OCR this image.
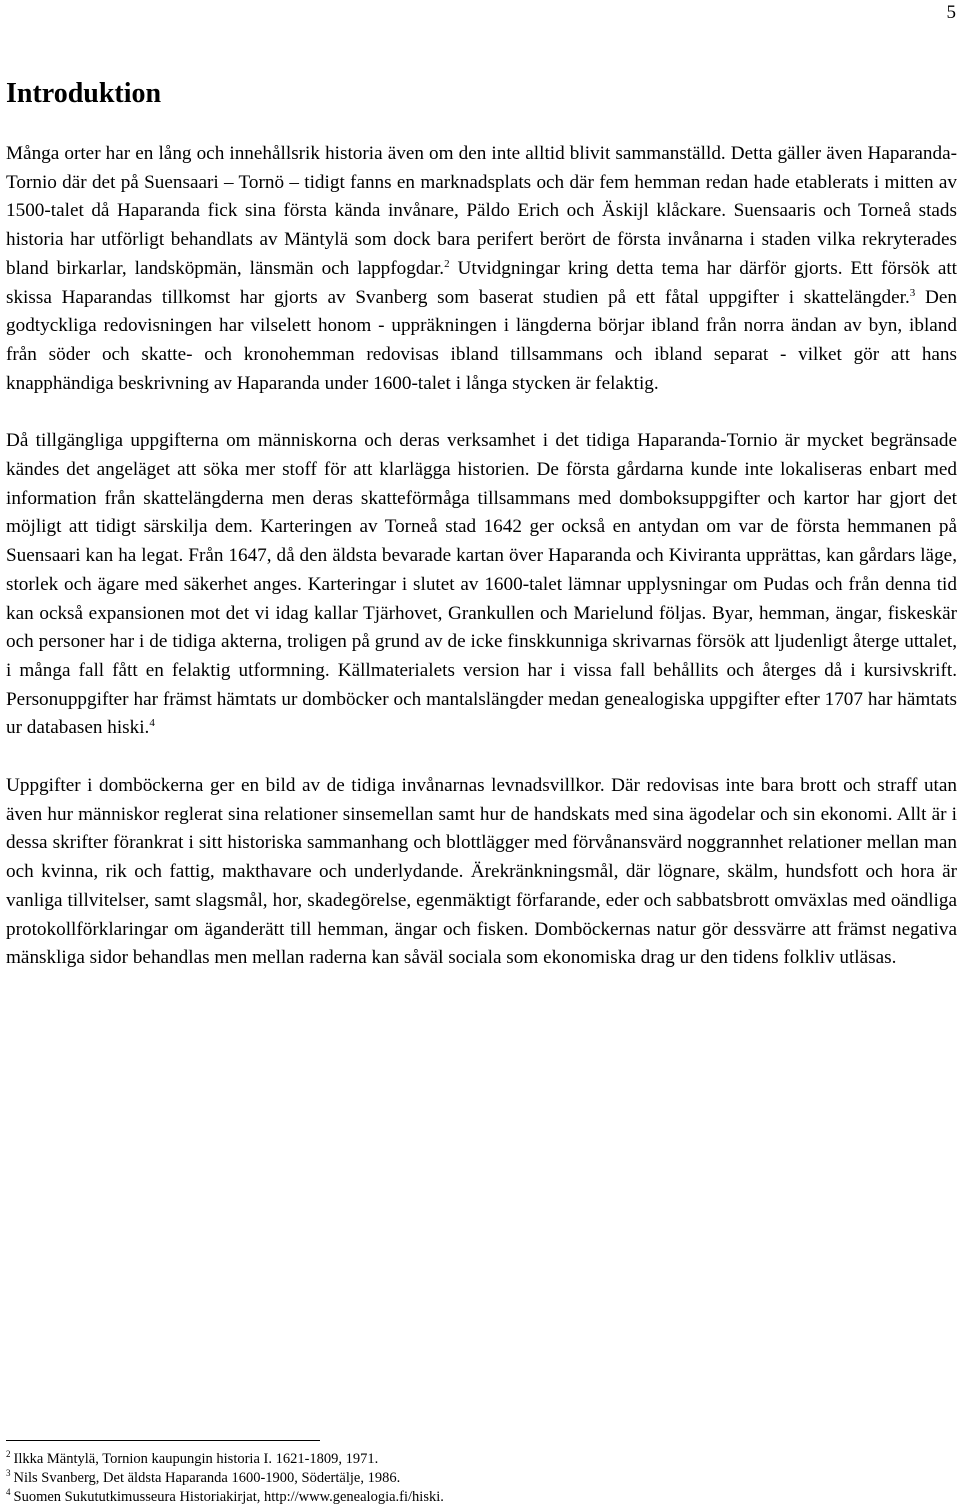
5
Introduktion

Många orter har en lång och innehållsrik historia även om den inte alltid blivit sammanställd. Detta gäller även Haparanda-Tornio där det på Suensaari – Tornö – tidigt fanns en marknadsplats och där fem hemman redan hade etablerats i mitten av 1500-talet då Haparanda fick sina första kända invånare, Päldo Erich och Äskijl klåckare. Suensaaris och Torneå stads historia har utförligt behandlats av Mäntylä som dock bara perifert berört de första invånarna i staden vilka rekryterades bland birkarlar, landsköpmän, länsmän och lappfogdar.$^2$ Utvidgningar kring detta tema har därför gjorts. Ett försök att skissa Haparandas tillkomst har gjorts av Svanberg som baserat studien på ett fåtal uppgifter i skattelängder.$^3$ Den godtyckliga redovisningen har vilselett honom - uppräkningen i längderna börjar ibland från norra ändan av byn, ibland från söder och skatte- och kronohemman redovisas ibland tillsammans och ibland separat - vilket gör att hans knapphändiga beskrivning av Haparanda under 1600-talet i långa stycken är felaktig.

Då tillgängliga uppgifterna om människorna och deras verksamhet i det tidiga Haparanda-Tornio är mycket begränsade kändes det angeläget att söka mer stoff för att klarlägga historien. De första gårdarna kunde inte lokaliseras enbart med information från skattelängderna men deras skatteförmåga tillsammans med domboksuppgifter och kartor har gjort det möjligt att tidigt särskilja dem. Karteringen av Torneå stad 1642 ger också en antydan om var de första hemmanen på Suensaari kan ha legat. Från 1647, då den äldsta bevarade kartan över Haparanda och Kiviranta upprättas, kan gårdars läge, storlek och ägare med säkerhet anges. Karteringar i slutet av 1600-talet lämnar upplysningar om Pudas och från denna tid kan också expansionen mot det vi idag kallar Tjärhovet, Grankullen och Marielund följas. Byar, hemman, ängar, fiskeskär och personer har i de tidiga akterna, troligen på grund av de icke finskkunniga skrivarnas försök att ljudenligt återge uttalet, i många fall fått en felaktig utformning. Källmaterialets version har i vissa fall behållits och återges då i kursivskrift. Personuppgifter har främst hämtats ur domböcker och mantalslängder medan genealogiska uppgifter efter 1707 har hämtats ur databasen hiski.$^4$

Uppgifter i domböckerna ger en bild av de tidiga invånarnas levnadsvillkor. Där redovisas inte bara brott och straff utan även hur människor reglerat sina relationer sinsemellan samt hur de handskats med sina ägodelar och sin ekonomi. Allt är i dessa skrifter förankrat i sitt historiska sammanhang och blottlägger med förvånansvärd noggrannhet relationer mellan man och kvinna, rik och fattig, makthavare och underlydande. Ärekränkningsmål, där lögnare, skälm, hundsfott och hora är vanliga tillvitelser, samt slagsmål, hor, skadegörelse, egenmäktigt förfarande, eder och sabbatsbrott omväxlas med oändliga protokollförklaringar om äganderätt till hemman, ängar och fisken. Domböckernas natur gör dessvärre att främst negativa mänskliga sidor behandlas men mellan raderna kan såväl sociala som ekonomiska drag ur den tidens folkliv utläsas.

$^2$ Ilkka Mäntylä, Tornion kaupungin historia I. 1621-1809, 1971.

$^3$ Nils Svanberg, Det äldsta Haparanda 1600-1900, Södertälje, 1986.

$^4$ Suomen Sukututkimusseura Historiakirjat, http://www.genealogia.fi/hiski.
